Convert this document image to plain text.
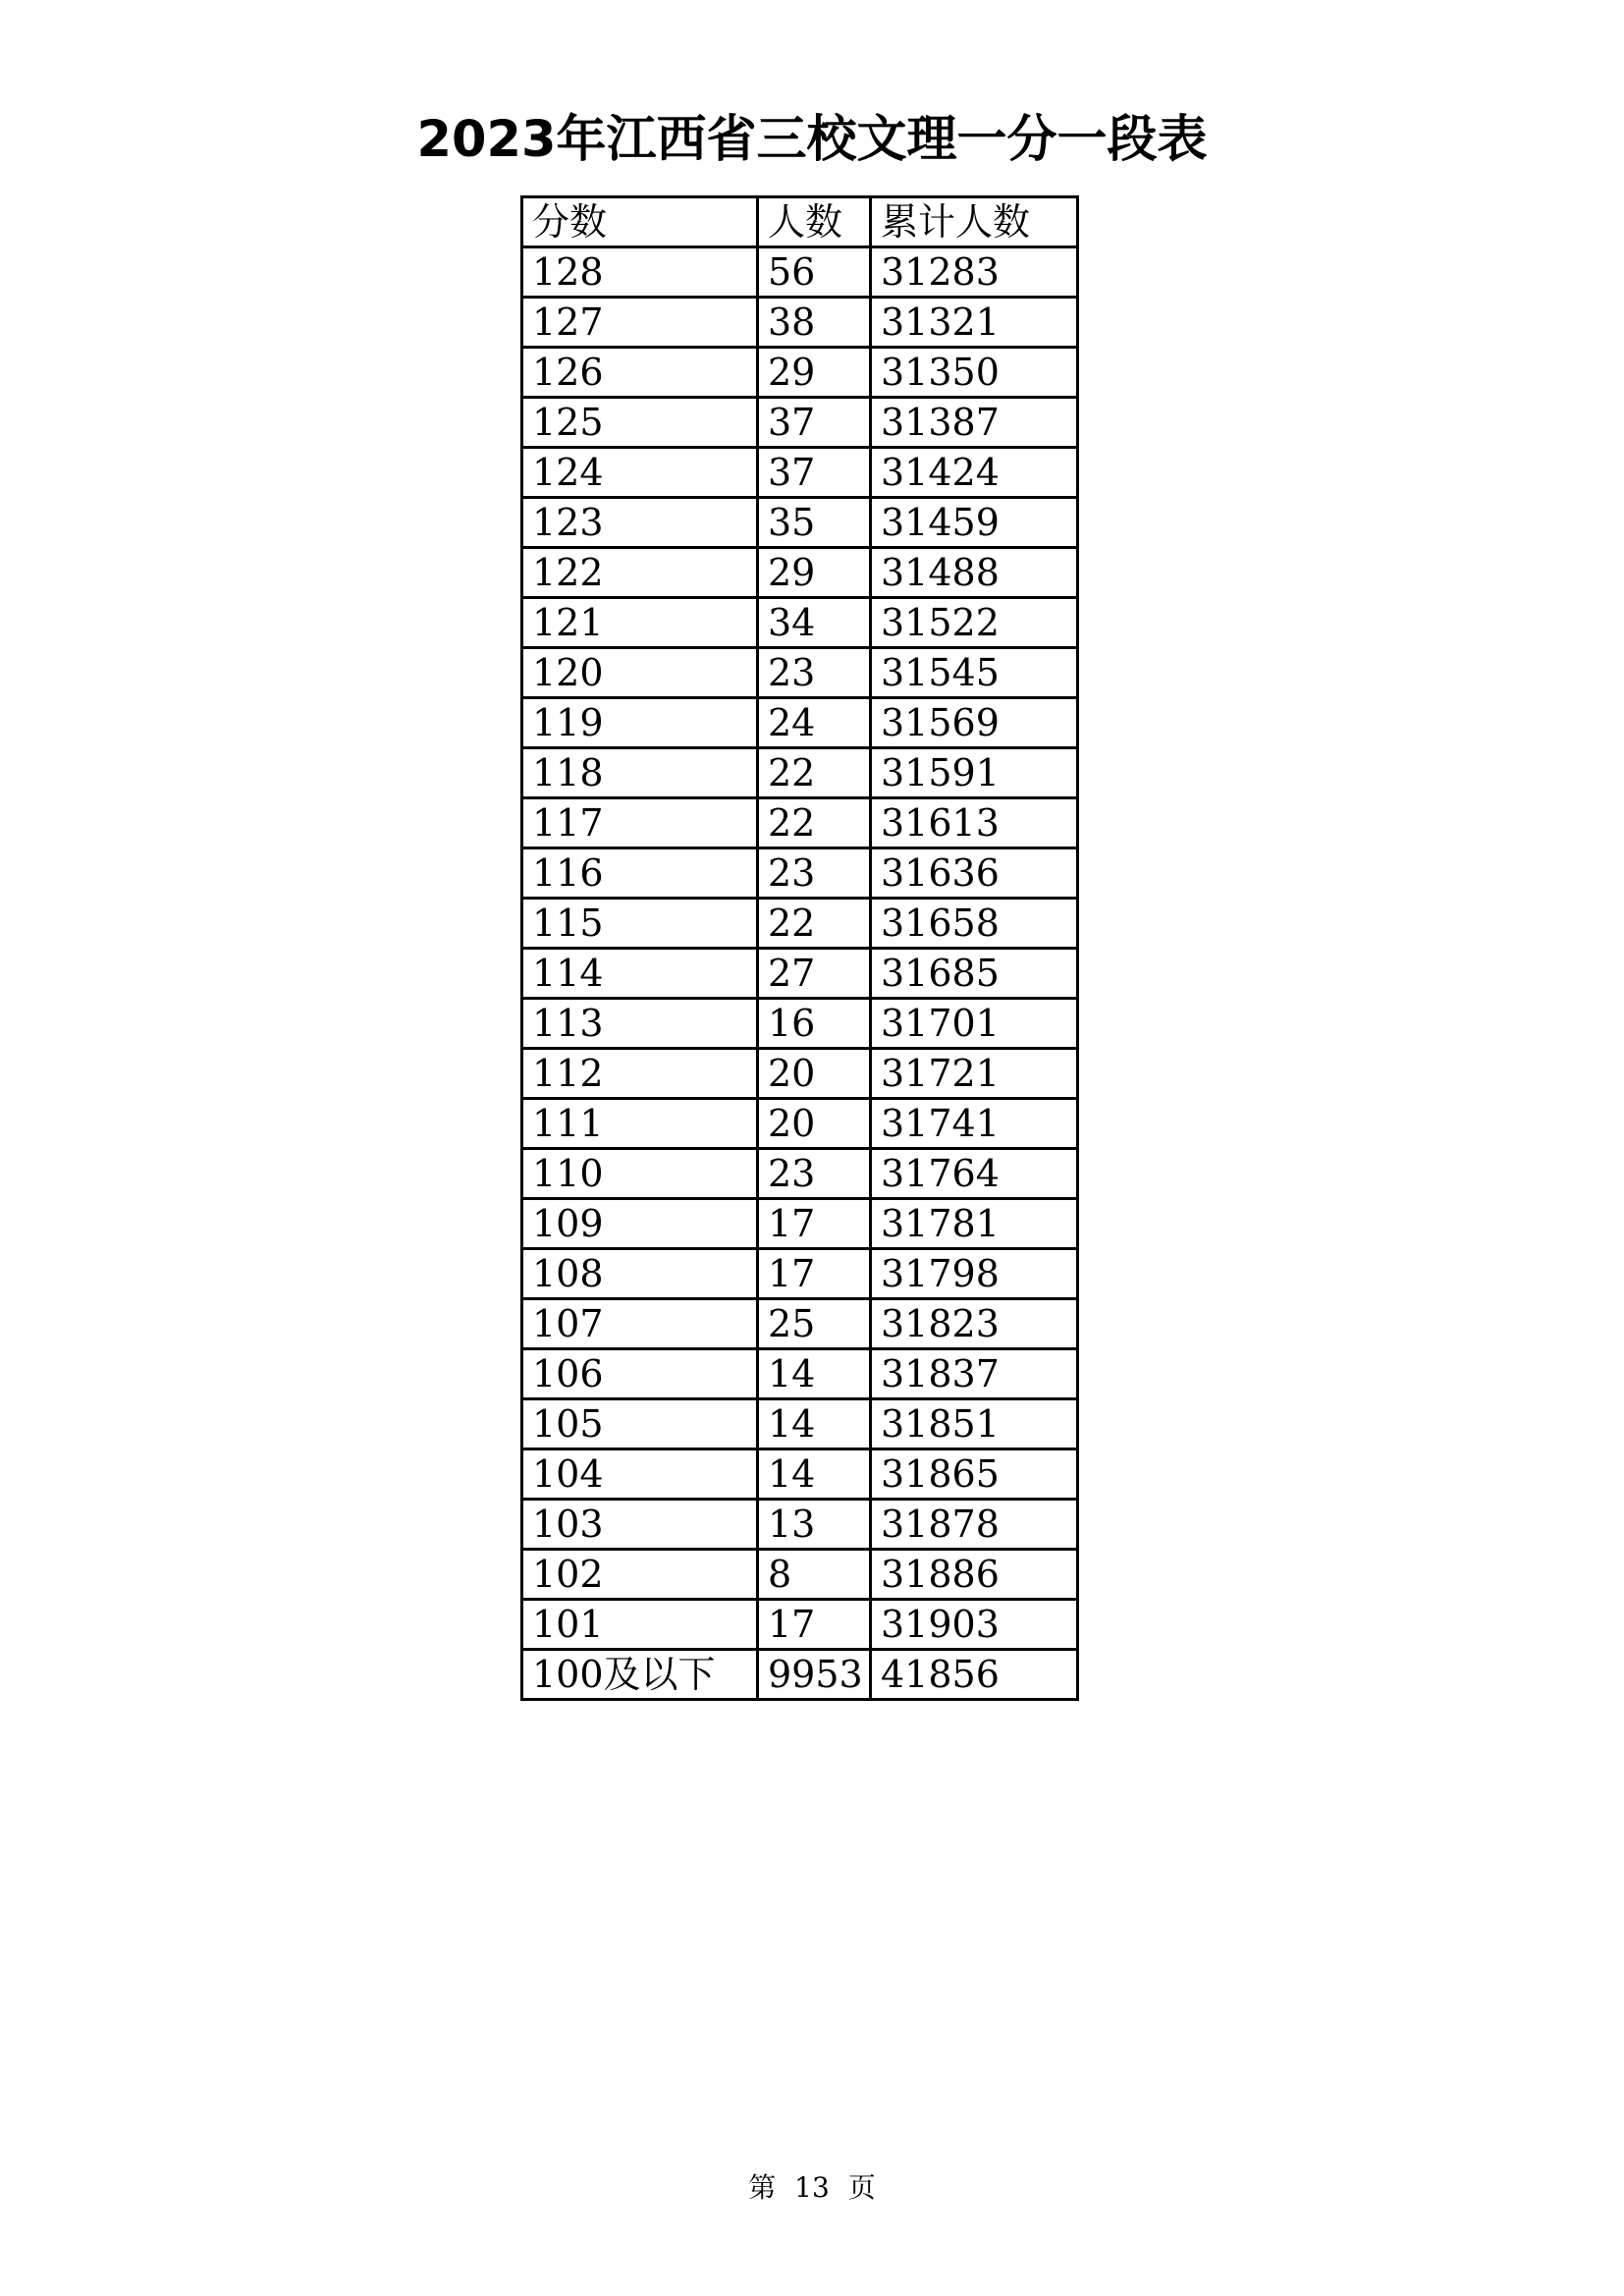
2023年江西省三校文理一分一段表
分数	人数	累计人数
128	56	31283
127	38	31321
126	29	31350
125	37	31387
124	37	31424
123	35	31459
122	29	31488
121	34	31522
120	23	31545
119	24	31569
118	22	31591
117	22	31613
116	23	31636
115	22	31658
114	27	31685
113	16	31701
112	20	31721
111	20	31741
110	23	31764
109	17	31781
108	17	31798
107	25	31823
106	14	31837
105	14	31851
104	14	31865
103	13	31878
102	8	31886
101	17	31903
100及以下	9953	41856
第 13 页
